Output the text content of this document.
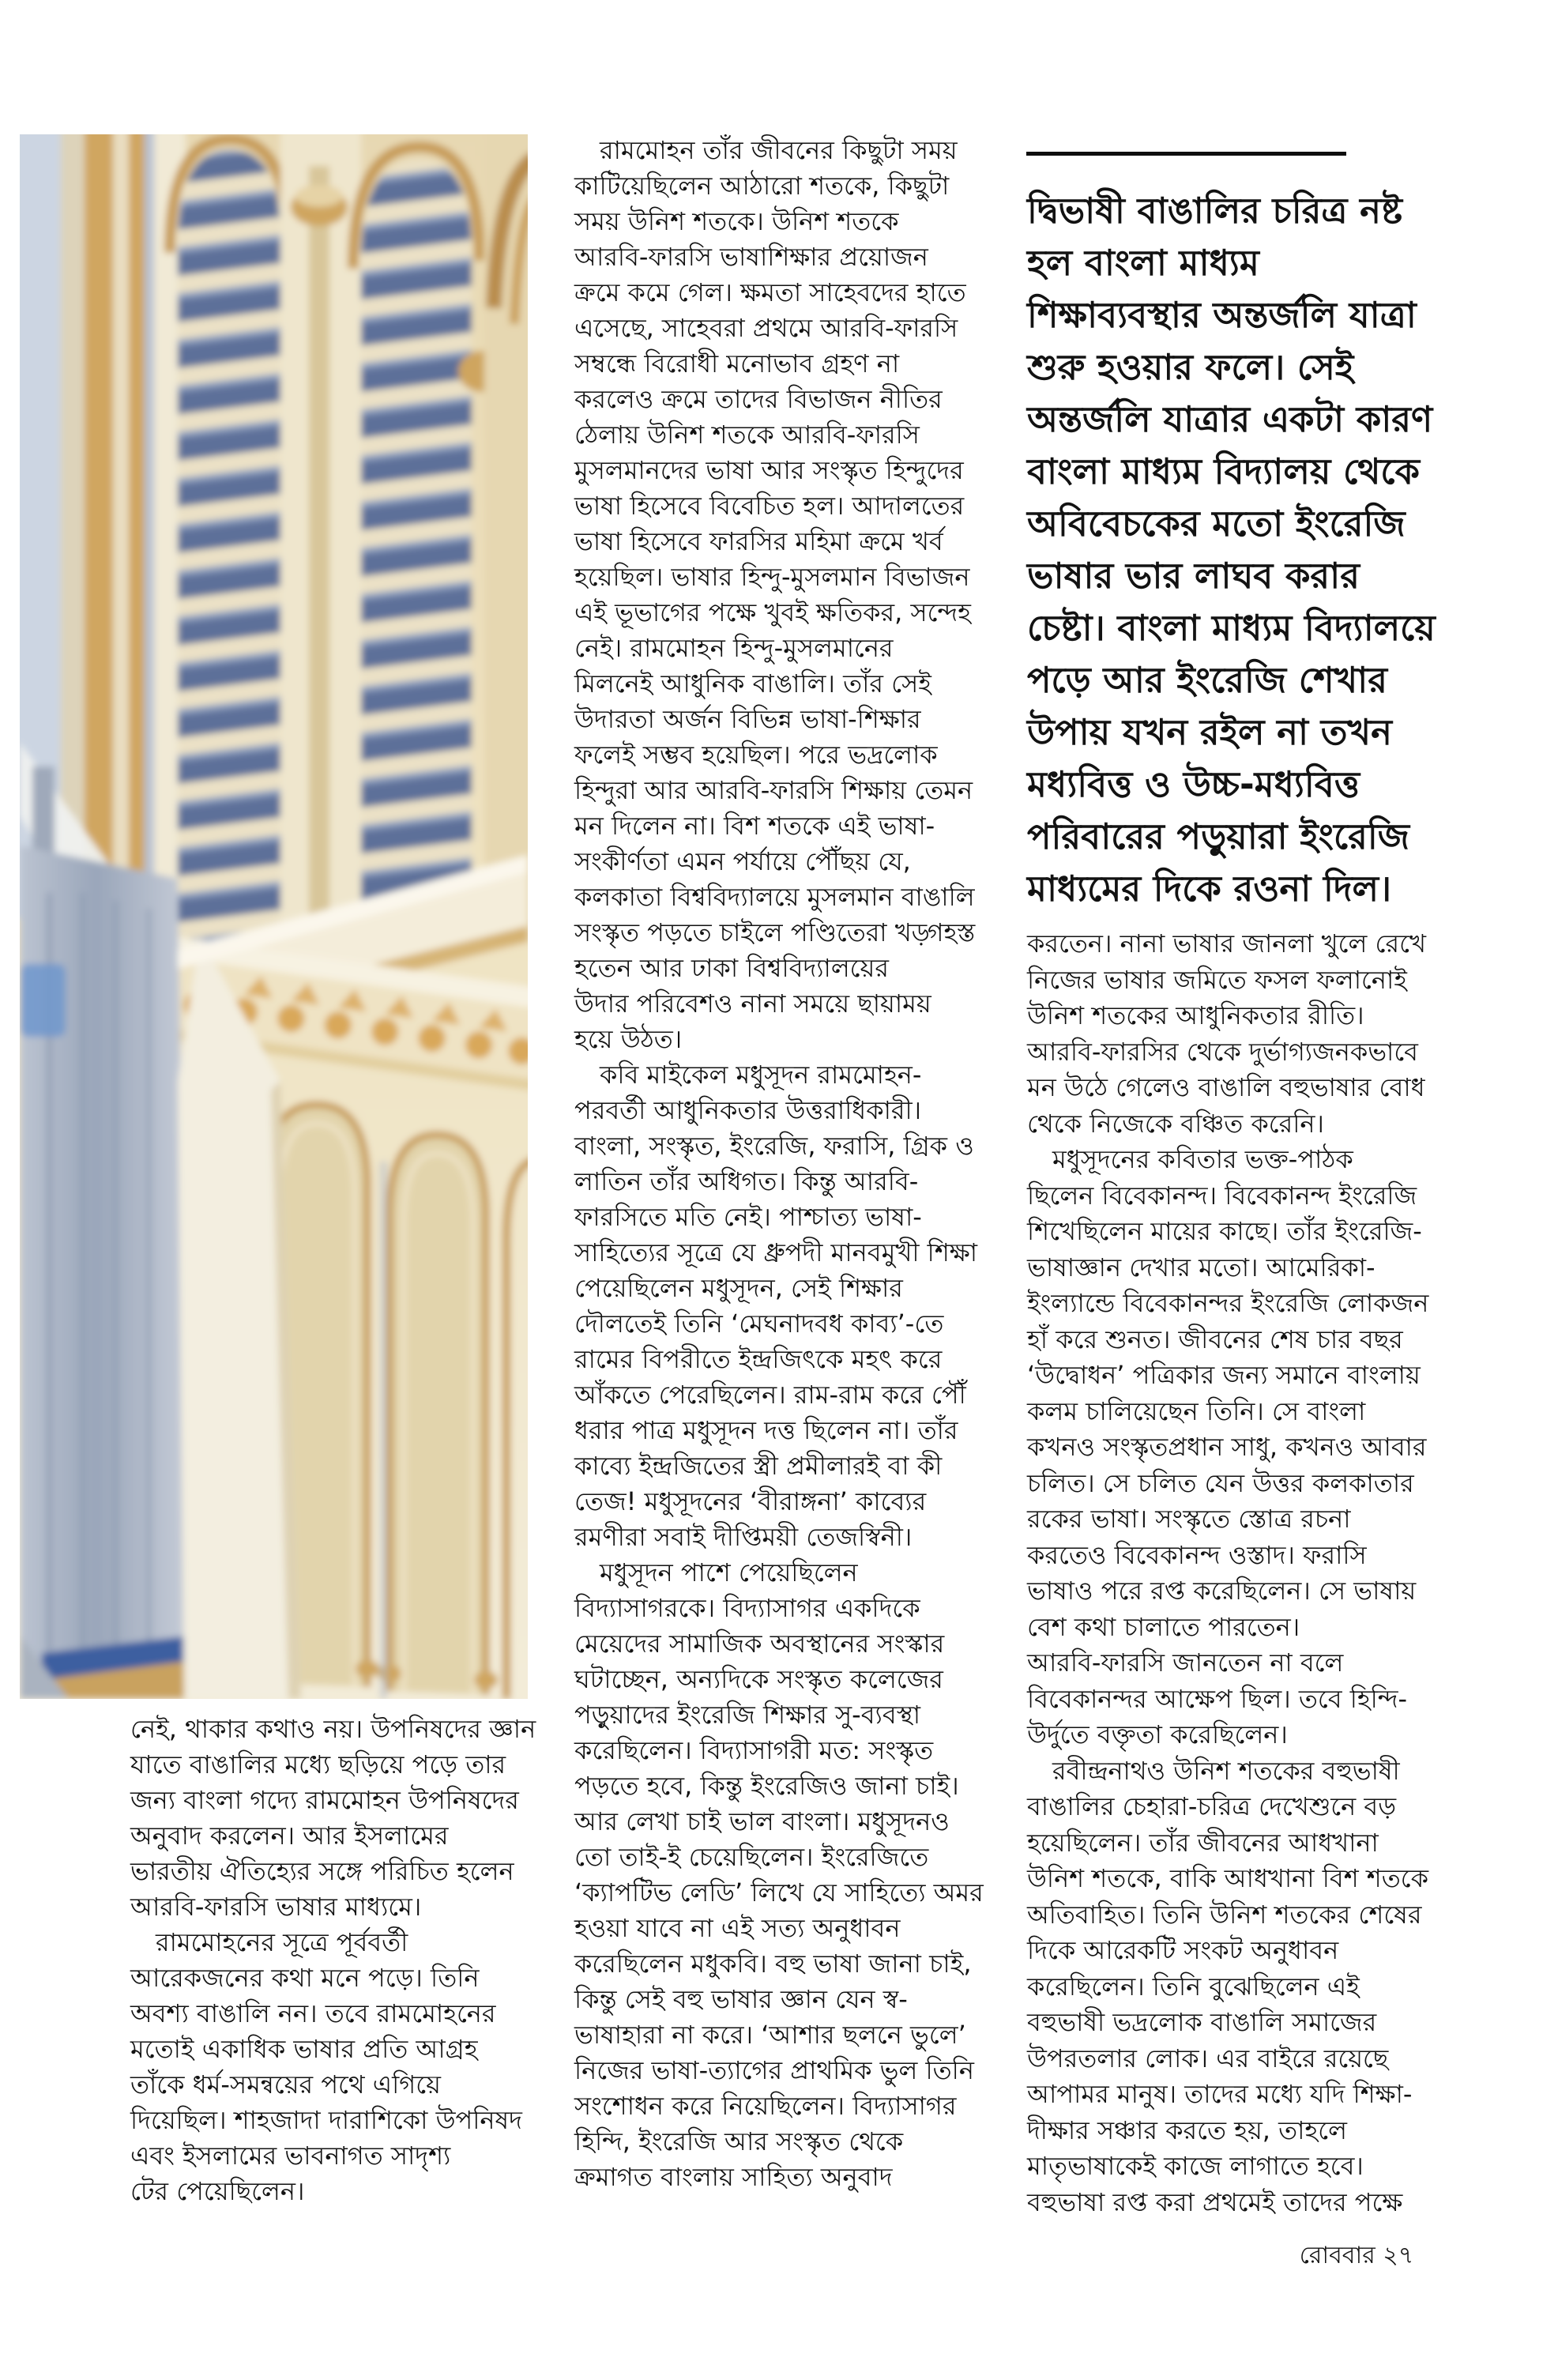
 রামমোহন তাঁর জীবনের কিছুটা সময়
কাটিয়েছিলেন আঠারো শতকে, কিছুটা
সময় উনিশ শতকে। উনিশ শতকে
আরবি-ফারসি ভাষাশিক্ষার প্রয়োজন
ক্রমে কমে গেল। ক্ষমতা সাহেবদের হাতে
এসেছে, সাহেবরা প্রথমে আরবি-ফারসি
সম্বন্ধে বিরোধী মনোভাব গ্রহণ না
করলেও ক্রমে তাদের বিভাজন নীতির
ঠেলায় উনিশ শতকে আরবি-ফারসি
মুসলমানদের ভাষা আর সংস্কৃত হিন্দুদের
ভাষা হিসেবে বিবেচিত হল। আদালতের
ভাষা হিসেবে ফারসির মহিমা ক্রমে খর্ব
হয়েছিল। ভাষার হিন্দু-মুসলমান বিভাজন
এই ভূভাগের পক্ষে খুবই ক্ষতিকর, সন্দেহ
নেই। রামমোহন হিন্দু-মুসলমানের
মিলনেই আধুনিক বাঙালি। তাঁর সেই
উদারতা অর্জন বিভিন্ন ভাষা-শিক্ষার
ফলেই সম্ভব হয়েছিল। পরে ভদ্রলোক
হিন্দুরা আর আরবি-ফারসি শিক্ষায় তেমন
মন দিলেন না। বিশ শতকে এই ভাষা-
সংকীর্ণতা এমন পর্যায়ে পৌঁছয় যে,
কলকাতা বিশ্ববিদ্যালয়ে মুসলমান বাঙালি
সংস্কৃত পড়তে চাইলে পণ্ডিতেরা খড়্গহস্ত
হতেন আর ঢাকা বিশ্ববিদ্যালয়ের
উদার পরিবেশও নানা সময়ে ছায়াময়
হয়ে উঠত।
 কবি মাইকেল মধুসূদন রামমোহন-
পরবর্তী আধুনিকতার উত্তরাধিকারী।
বাংলা, সংস্কৃত, ইংরেজি, ফরাসি, গ্রিক ও
লাতিন তাঁর অধিগত। কিন্তু আরবি-
ফারসিতে মতি নেই। পাশ্চাত্য ভাষা-
সাহিত্যের সূত্রে যে ধ্রুপদী মানবমুখী শিক্ষা
পেয়েছিলেন মধুসূদন, সেই শিক্ষার
দৌলতেই তিনি ‘মেঘনাদবধ কাব্য’-তে
রামের বিপরীতে ইন্দ্রজিৎকে মহৎ করে
আঁকতে পেরেছিলেন। রাম-রাম করে পৌঁ
ধরার পাত্র মধুসূদন দত্ত ছিলেন না। তাঁর
কাব্যে ইন্দ্রজিতের স্ত্রী প্রমীলারই বা কী
তেজ! মধুসূদনের ‘বীরাঙ্গনা’ কাব্যের
রমণীরা সবাই দীপ্তিময়ী তেজস্বিনী।
 মধুসূদন পাশে পেয়েছিলেন
বিদ্যাসাগরকে। বিদ্যাসাগর একদিকে
মেয়েদের সামাজিক অবস্থানের সংস্কার
ঘটাচ্ছেন, অন্যদিকে সংস্কৃত কলেজের
পড়ুয়াদের ইংরেজি শিক্ষার সু-ব্যবস্থা
করেছিলেন। বিদ্যাসাগরী মত: সংস্কৃত
পড়তে হবে, কিন্তু ইংরেজিও জানা চাই।
আর লেখা চাই ভাল বাংলা। মধুসূদনও
তো তাই-ই চেয়েছিলেন। ইংরেজিতে
‘ক্যাপটিভ লেডি’ লিখে যে সাহিত্যে অমর
হওয়া যাবে না এই সত্য অনুধাবন
করেছিলেন মধুকবি। বহু ভাষা জানা চাই,
কিন্তু সেই বহু ভাষার জ্ঞান যেন স্ব-
ভাষাহারা না করে। ‘আশার ছলনে ভুলে’
নিজের ভাষা-ত্যাগের প্রাথমিক ভুল তিনি
সংশোধন করে নিয়েছিলেন। বিদ্যাসাগর
হিন্দি, ইংরেজি আর সংস্কৃত থেকে
ক্রমাগত বাংলায় সাহিত্য অনুবাদ
দ্বিভাষী বাঙালির চরিত্র নষ্ট
হল বাংলা মাধ্যম
শিক্ষাব্যবস্থার অন্তর্জলি যাত্রা
শুরু হওয়ার ফলে। সেই
অন্তর্জলি যাত্রার একটা কারণ
বাংলা মাধ্যম বিদ্যালয় থেকে
অবিবেচকের মতো ইংরেজি
ভাষার ভার লাঘব করার
চেষ্টা। বাংলা মাধ্যম বিদ্যালয়ে
পড়ে আর ইংরেজি শেখার
উপায় যখন রইল না তখন
মধ্যবিত্ত ও উচ্চ-মধ্যবিত্ত
পরিবারের পড়ুয়ারা ইংরেজি
মাধ্যমের দিকে রওনা দিল।
করতেন। নানা ভাষার জানলা খুলে রেখে
নিজের ভাষার জমিতে ফসল ফলানোই
উনিশ শতকের আধুনিকতার রীতি।
আরবি-ফারসির থেকে দুর্ভাগ্যজনকভাবে
মন উঠে গেলেও বাঙালি বহুভাষার বোধ
থেকে নিজেকে বঞ্চিত করেনি।
 মধুসূদনের কবিতার ভক্ত-পাঠক
ছিলেন বিবেকানন্দ। বিবেকানন্দ ইংরেজি
শিখেছিলেন মায়ের কাছে। তাঁর ইংরেজি-
ভাষাজ্ঞান দেখার মতো। আমেরিকা-
ইংল্যান্ডে বিবেকানন্দর ইংরেজি লোকজন
হাঁ করে শুনত। জীবনের শেষ চার বছর
‘উদ্বোধন’ পত্রিকার জন্য সমানে বাংলায়
কলম চালিয়েছেন তিনি। সে বাংলা
কখনও সংস্কৃতপ্রধান সাধু, কখনও আবার
চলিত। সে চলিত যেন উত্তর কলকাতার
রকের ভাষা। সংস্কৃতে স্তোত্র রচনা
করতেও বিবেকানন্দ ওস্তাদ। ফরাসি
ভাষাও পরে রপ্ত করেছিলেন। সে ভাষায়
বেশ কথা চালাতে পারতেন।
আরবি-ফারসি জানতেন না বলে
বিবেকানন্দর আক্ষেপ ছিল। তবে হিন্দি-
উর্দুতে বক্তৃতা করেছিলেন।
 রবীন্দ্রনাথও উনিশ শতকের বহুভাষী
বাঙালির চেহারা-চরিত্র দেখেশুনে বড়
হয়েছিলেন। তাঁর জীবনের আধখানা
উনিশ শতকে, বাকি আধখানা বিশ শতকে
অতিবাহিত। তিনি উনিশ শতকের শেষের
দিকে আরেকটি সংকট অনুধাবন
করেছিলেন। তিনি বুঝেছিলেন এই
বহুভাষী ভদ্রলোক বাঙালি সমাজের
উপরতলার লোক। এর বাইরে রয়েছে
আপামর মানুষ। তাদের মধ্যে যদি শিক্ষা-
দীক্ষার সঞ্চার করতে হয়, তাহলে
মাতৃভাষাকেই কাজে লাগাতে হবে।
বহুভাষা রপ্ত করা প্রথমেই তাদের পক্ষে
নেই, থাকার কথাও নয়। উপনিষদের জ্ঞান
যাতে বাঙালির মধ্যে ছড়িয়ে পড়ে তার
জন্য বাংলা গদ্যে রামমোহন উপনিষদের
অনুবাদ করলেন। আর ইসলামের
ভারতীয় ঐতিহ্যের সঙ্গে পরিচিত হলেন
আরবি-ফারসি ভাষার মাধ্যমে।
 রামমোহনের সূত্রে পূর্ববর্তী
আরেকজনের কথা মনে পড়ে। তিনি
অবশ্য বাঙালি নন। তবে রামমোহনের
মতোই একাধিক ভাষার প্রতি আগ্রহ
তাঁকে ধর্ম-সমন্বয়ের পথে এগিয়ে
দিয়েছিল। শাহজাদা দারাশিকো উপনিষদ
এবং ইসলামের ভাবনাগত সাদৃশ্য
টের পেয়েছিলেন।
রোববার ২৭
